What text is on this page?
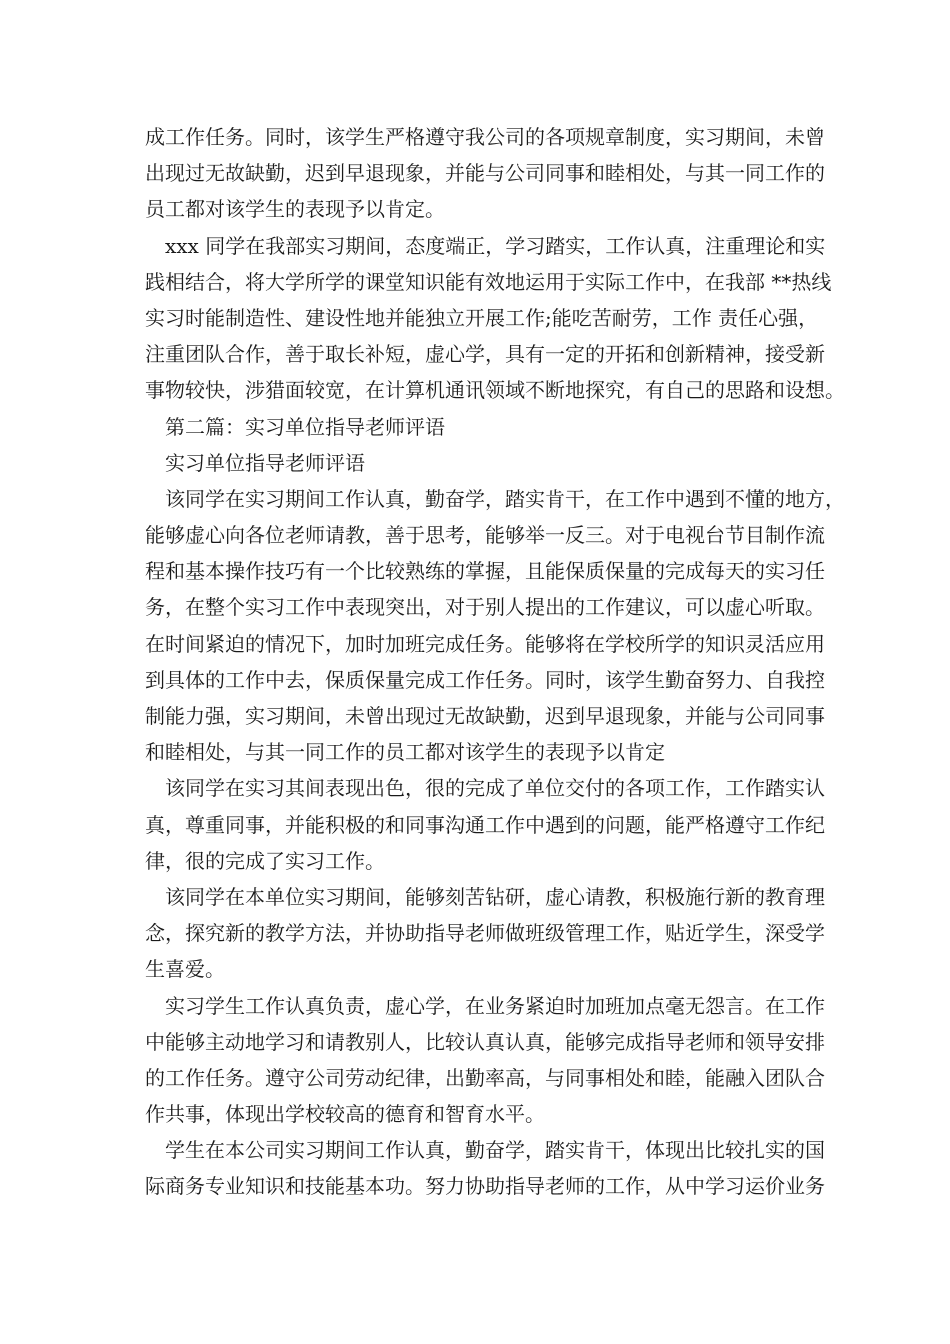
成工作任务。同时，该学生严格遵守我公司的各项规章制度，实习期间，未曾
出现过无故缺勤，迟到早退现象，并能与公司同事和睦相处，与其一同工作的
员工都对该学生的表现予以肯定。
xxx 同学在我部实习期间，态度端正，学习踏实，工作认真，注重理论和实
践相结合，将大学所学的课堂知识能有效地运用于实际工作中，在我部 **热线
实习时能制造性、建设性地并能独立开展工作;能吃苦耐劳，工作 责任心强，
注重团队合作，善于取长补短，虚心学，具有一定的开拓和创新精神，接受新
事物较快，涉猎面较宽，在计算机通讯领域不断地探究，有自己的思路和设想。
第二篇：实习单位指导老师评语
实习单位指导老师评语
该同学在实习期间工作认真，勤奋学，踏实肯干，在工作中遇到不懂的地方，
能够虚心向各位老师请教，善于思考，能够举一反三。对于电视台节目制作流
程和基本操作技巧有一个比较熟练的掌握，且能保质保量的完成每天的实习任
务，在整个实习工作中表现突出，对于别人提出的工作建议，可以虚心听取。
在时间紧迫的情况下，加时加班完成任务。能够将在学校所学的知识灵活应用
到具体的工作中去，保质保量完成工作任务。同时，该学生勤奋努力、自我控
制能力强，实习期间，未曾出现过无故缺勤，迟到早退现象，并能与公司同事
和睦相处，与其一同工作的员工都对该学生的表现予以肯定
该同学在实习其间表现出色，很的完成了单位交付的各项工作，工作踏实认
真，尊重同事，并能积极的和同事沟通工作中遇到的问题，能严格遵守工作纪
律，很的完成了实习工作。
该同学在本单位实习期间，能够刻苦钻研，虚心请教，积极施行新的教育理
念，探究新的教学方法，并协助指导老师做班级管理工作，贴近学生，深受学
生喜爱。
实习学生工作认真负责，虚心学，在业务紧迫时加班加点毫无怨言。在工作
中能够主动地学习和请教别人，比较认真认真，能够完成指导老师和领导安排
的工作任务。遵守公司劳动纪律，出勤率高，与同事相处和睦，能融入团队合
作共事，体现出学校较高的德育和智育水平。
学生在本公司实习期间工作认真，勤奋学，踏实肯干，体现出比较扎实的国
际商务专业知识和技能基本功。努力协助指导老师的工作，从中学习运价业务
